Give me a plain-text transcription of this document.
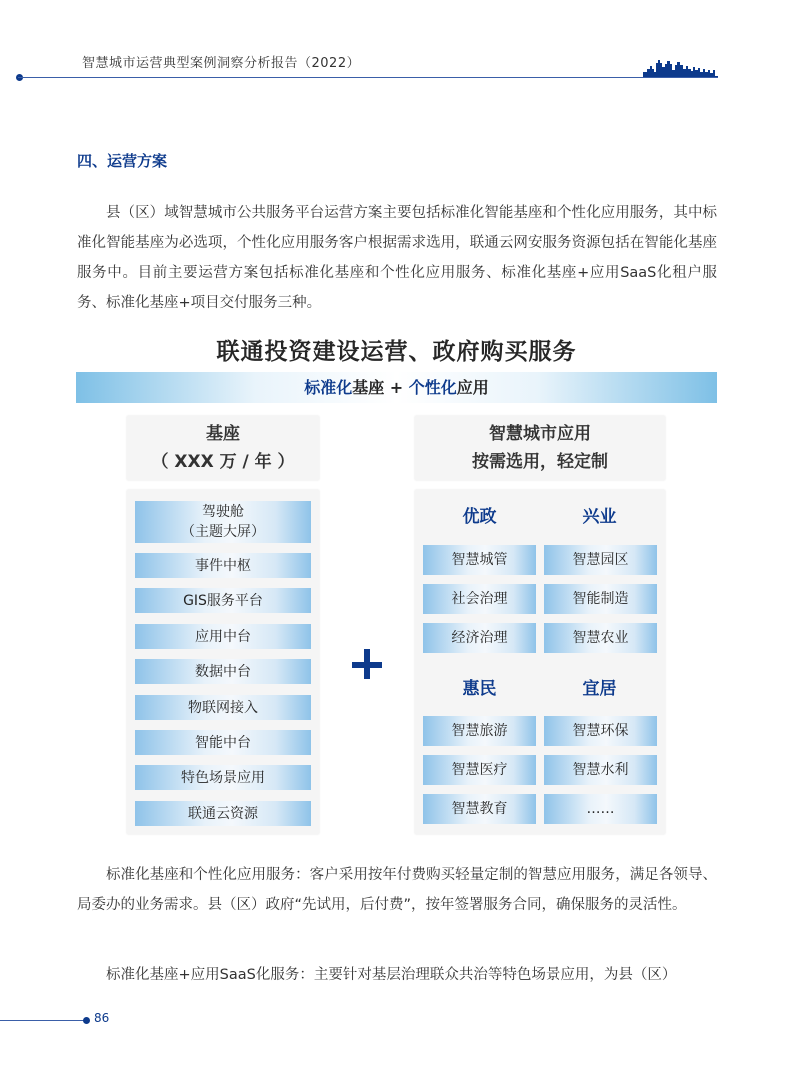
智慧城市运营典型案例洞察分析报告（2022）
四、运营方案
县（区）域智慧城市公共服务平台运营方案主要包括标准化智能基座和个性化应用服务，其中标准化智能基座为必选项，个性化应用服务客户根据需求选用，联通云网安服务资源包括在智能化基座服务中。目前主要运营方案包括标准化基座和个性化应用服务、标准化基座+应用SaaS化租户服务、标准化基座+项目交付服务三种。
联通投资建设运营、政府购买服务
标准化基座 + 个性化应用
基座
（ XXX 万 / 年 ）
智慧城市应用
按需选用，轻定制
驾驶舱
（主题大屏）
事件中枢
GIS服务平台
应用中台
数据中台
物联网接入
智能中台
特色场景应用
联通云资源
优政	兴业
智慧城管	智慧园区
社会治理	智能制造
经济治理	智慧农业
惠民	宜居
智慧旅游	智慧环保
智慧医疗	智慧水利
智慧教育	……
标准化基座和个性化应用服务：客户采用按年付费购买轻量定制的智慧应用服务，满足各领导、局委办的业务需求。县（区）政府“先试用，后付费”，按年签署服务合同，确保服务的灵活性。
标准化基座+应用SaaS化服务：主要针对基层治理联众共治等特色场景应用，为县（区）
86
